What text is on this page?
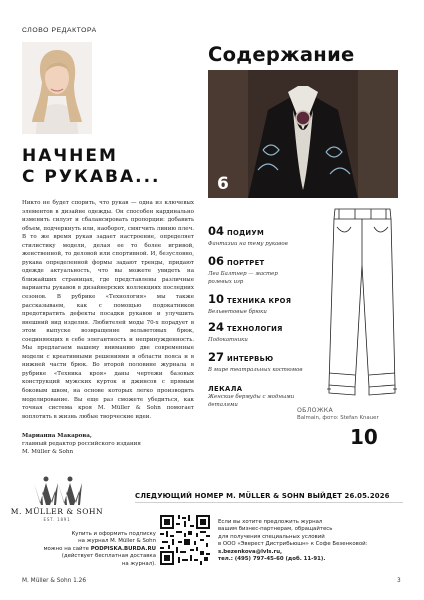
СЛОВО РЕДАКТОРА
НАЧНЕМ
С РУКАВА...
Никто не будет спорить, что рукав — одна из ключевых элементов в дизайне одежды. Он способен кардинально изменить силуэт и сбалансировать пропорции: добавить объем, подчеркнуть или, наоборот, смягчить линию плеч. В то же время рукав задает настроение, определяет стилистику модели, делая ее то более игривой, женственной, то деловой или спортивной. И, безусловно, рукава определенной формы задают тренды, придают одежде актуальность, что вы можете увидеть на ближайших страницах, где представлены различные варианты рукавов в дизайнерских коллекциях последних сезонов. В рубрике «Технология» мы также рассказываем, как с помощью подокатников предотвратить дефекты посадки рукавов и улучшить внешний вид изделия. Любителей моды 70-х порадует в этом выпуске возвращение вельветовых брюк, соединяющих в себе элегантность и непринужденность. Мы предлагаем вашему вниманию две современные модели с креативными решениями в области пояса и в нижней части брюк. Во второй половине журнала в рубрике «Техника кроя» даны чертежи базовых конструкций мужских курток и джинсов с прямым боковым швом, на основе которых легко производить моделирование. Вы еще раз сможете убедиться, как точная система кроя M. Müller & Sohn помогает воплотить в жизнь любые творческие идеи.
Марианна Макарова,
главный редактор российского издания
M. Müller & Sohn
Содержание
6
04 ПОДИУМ
Фантазии на тему рукавов
06 ПОРТРЕТ
Леа Балтнер — мастер ролевых игр
10 ТЕХНИКА КРОЯ
Вельветовые брюки
24 ТЕХНОЛОГИЯ
Подокатники
27 ИНТЕРВЬЮ
В мире театральных костюмов
ЛЕКАЛА
Женские бермуды с модными деталями
ОБЛОЖКА
Balmain, фото: Stefan Knauer
10
M. MÜLLER & SOHN
EST. 1891
СЛЕДУЮЩИЙ НОМЕР M. MÜLLER & SOHN ВЫЙДЕТ 26.05.2026
Купить и оформить подписку
на журнал M. Müller & Sohn
можно на сайте PODPISKA.BURDA.RU
(действует бесплатная доставка
на журнал).
Если вы хотите предложить журнал
вашим бизнес-партнерам, обращайтесь
для получения специальных условий
в ООО «Эверест Дистрибьюшн» к Софе Безенковой:
s.bezenkova@lvls.ru,
тел.: (495) 797-45-60 (доб. 11-91).
M. Müller & Sohn 1.26	3
